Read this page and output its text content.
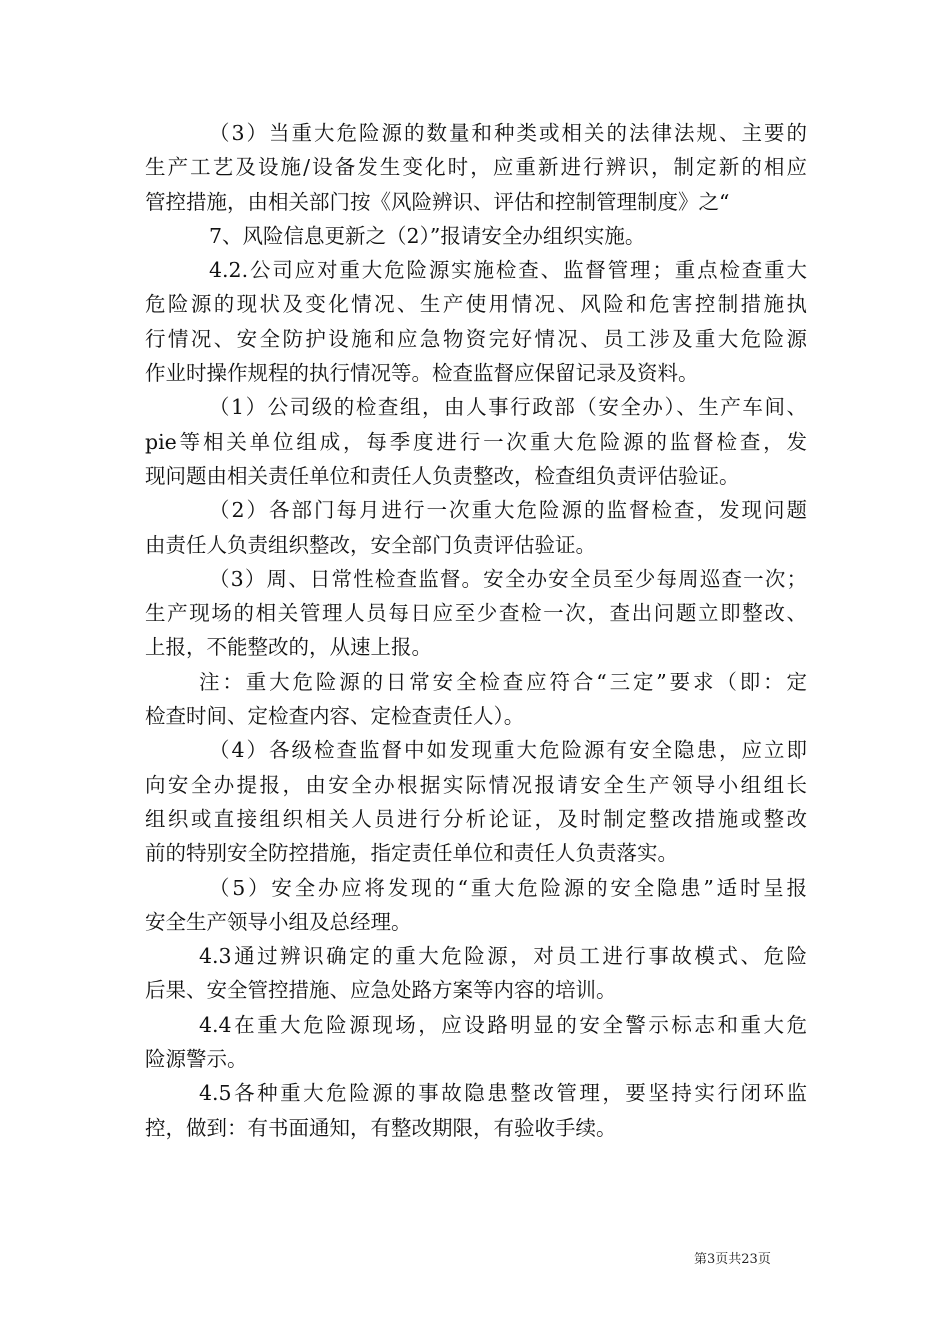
（3）当重大危险源的数量和种类或相关的法律法规、主要的
生产工艺及设施/设备发生变化时，应重新进行辨识，制定新的相应
管控措施，由相关部门按《风险辨识、评估和控制管理制度》之“
7、风险信息更新之（2）”报请安全办组织实施。
4.2.公司应对重大危险源实施检查、监督管理；重点检查重大
危险源的现状及变化情况、生产使用情况、风险和危害控制措施执
行情况、安全防护设施和应急物资完好情况、员工涉及重大危险源
作业时操作规程的执行情况等。检查监督应保留记录及资料。
（1）公司级的检查组，由人事行政部（安全办）、生产车间、
pie等相关单位组成，每季度进行一次重大危险源的监督检查，发
现问题由相关责任单位和责任人负责整改，检查组负责评估验证。
（2）各部门每月进行一次重大危险源的监督检查，发现问题
由责任人负责组织整改，安全部门负责评估验证。
（3）周、日常性检查监督。安全办安全员至少每周巡查一次；
生产现场的相关管理人员每日应至少查检一次，查出问题立即整改、
上报，不能整改的，从速上报。
注：重大危险源的日常安全检查应符合“三定”要求（即：定
检查时间、定检查内容、定检查责任人）。
（4）各级检查监督中如发现重大危险源有安全隐患，应立即
向安全办提报，由安全办根据实际情况报请安全生产领导小组组长
组织或直接组织相关人员进行分析论证，及时制定整改措施或整改
前的特别安全防控措施，指定责任单位和责任人负责落实。
（5）安全办应将发现的“重大危险源的安全隐患”适时呈报
安全生产领导小组及总经理。
4.3通过辨识确定的重大危险源，对员工进行事故模式、危险
后果、安全管控措施、应急处路方案等内容的培训。
4.4在重大危险源现场，应设路明显的安全警示标志和重大危
险源警示。
4.5各种重大危险源的事故隐患整改管理，要坚持实行闭环监
控，做到：有书面通知，有整改期限，有验收手续。
第3页共23页
